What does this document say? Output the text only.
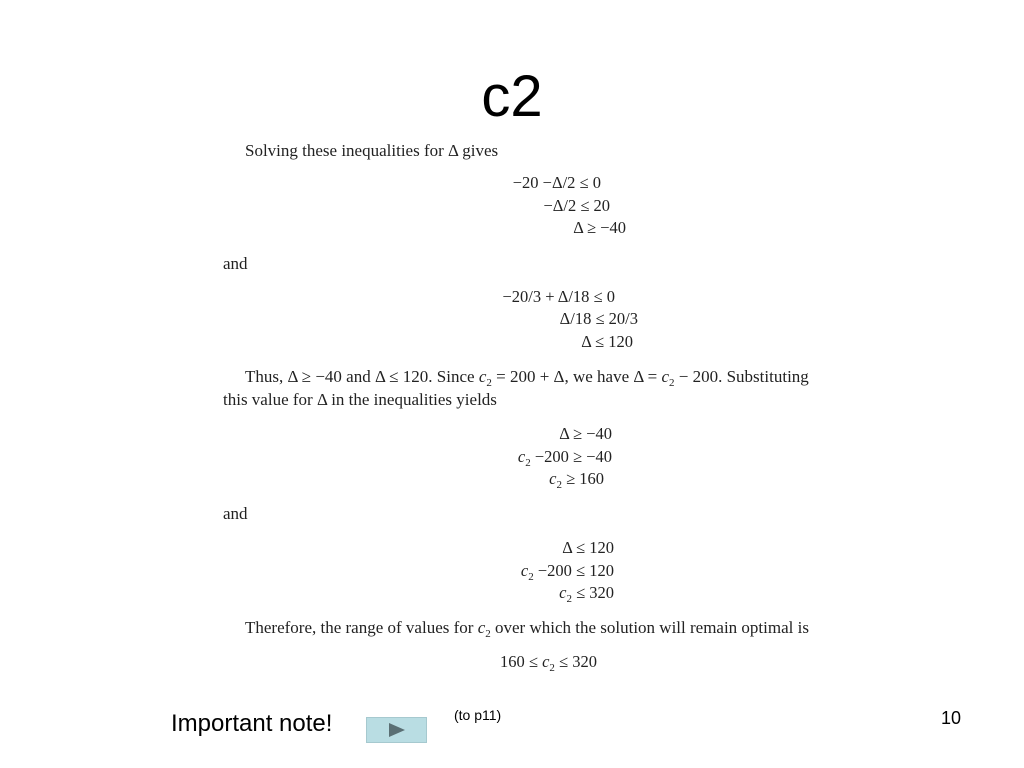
c2
Solving these inequalities for Δ gives
−20 −Δ/2 ≤ 0
−Δ/2 ≤ 20
Δ ≥ −40
and
−20/3 + Δ/18 ≤ 0
Δ/18 ≤ 20/3
Δ ≤ 120
Thus, Δ ≥ −40 and Δ ≤ 120. Since $c_2 = 200 + \Delta$, we have $\Delta = c_2 - 200$. Substituting
this value for Δ in the inequalities yields
Δ ≥ −40
$c_2 -200 \ge -40$
$c_2 \ge 160$
and
Δ ≤ 120
$c_2 -200 \le 120$
$c_2 \le 320$
Therefore, the range of values for $c_2$ over which the solution will remain optimal is
$160 \le c_2 \le 320$
Important note!	(to p11)	10
